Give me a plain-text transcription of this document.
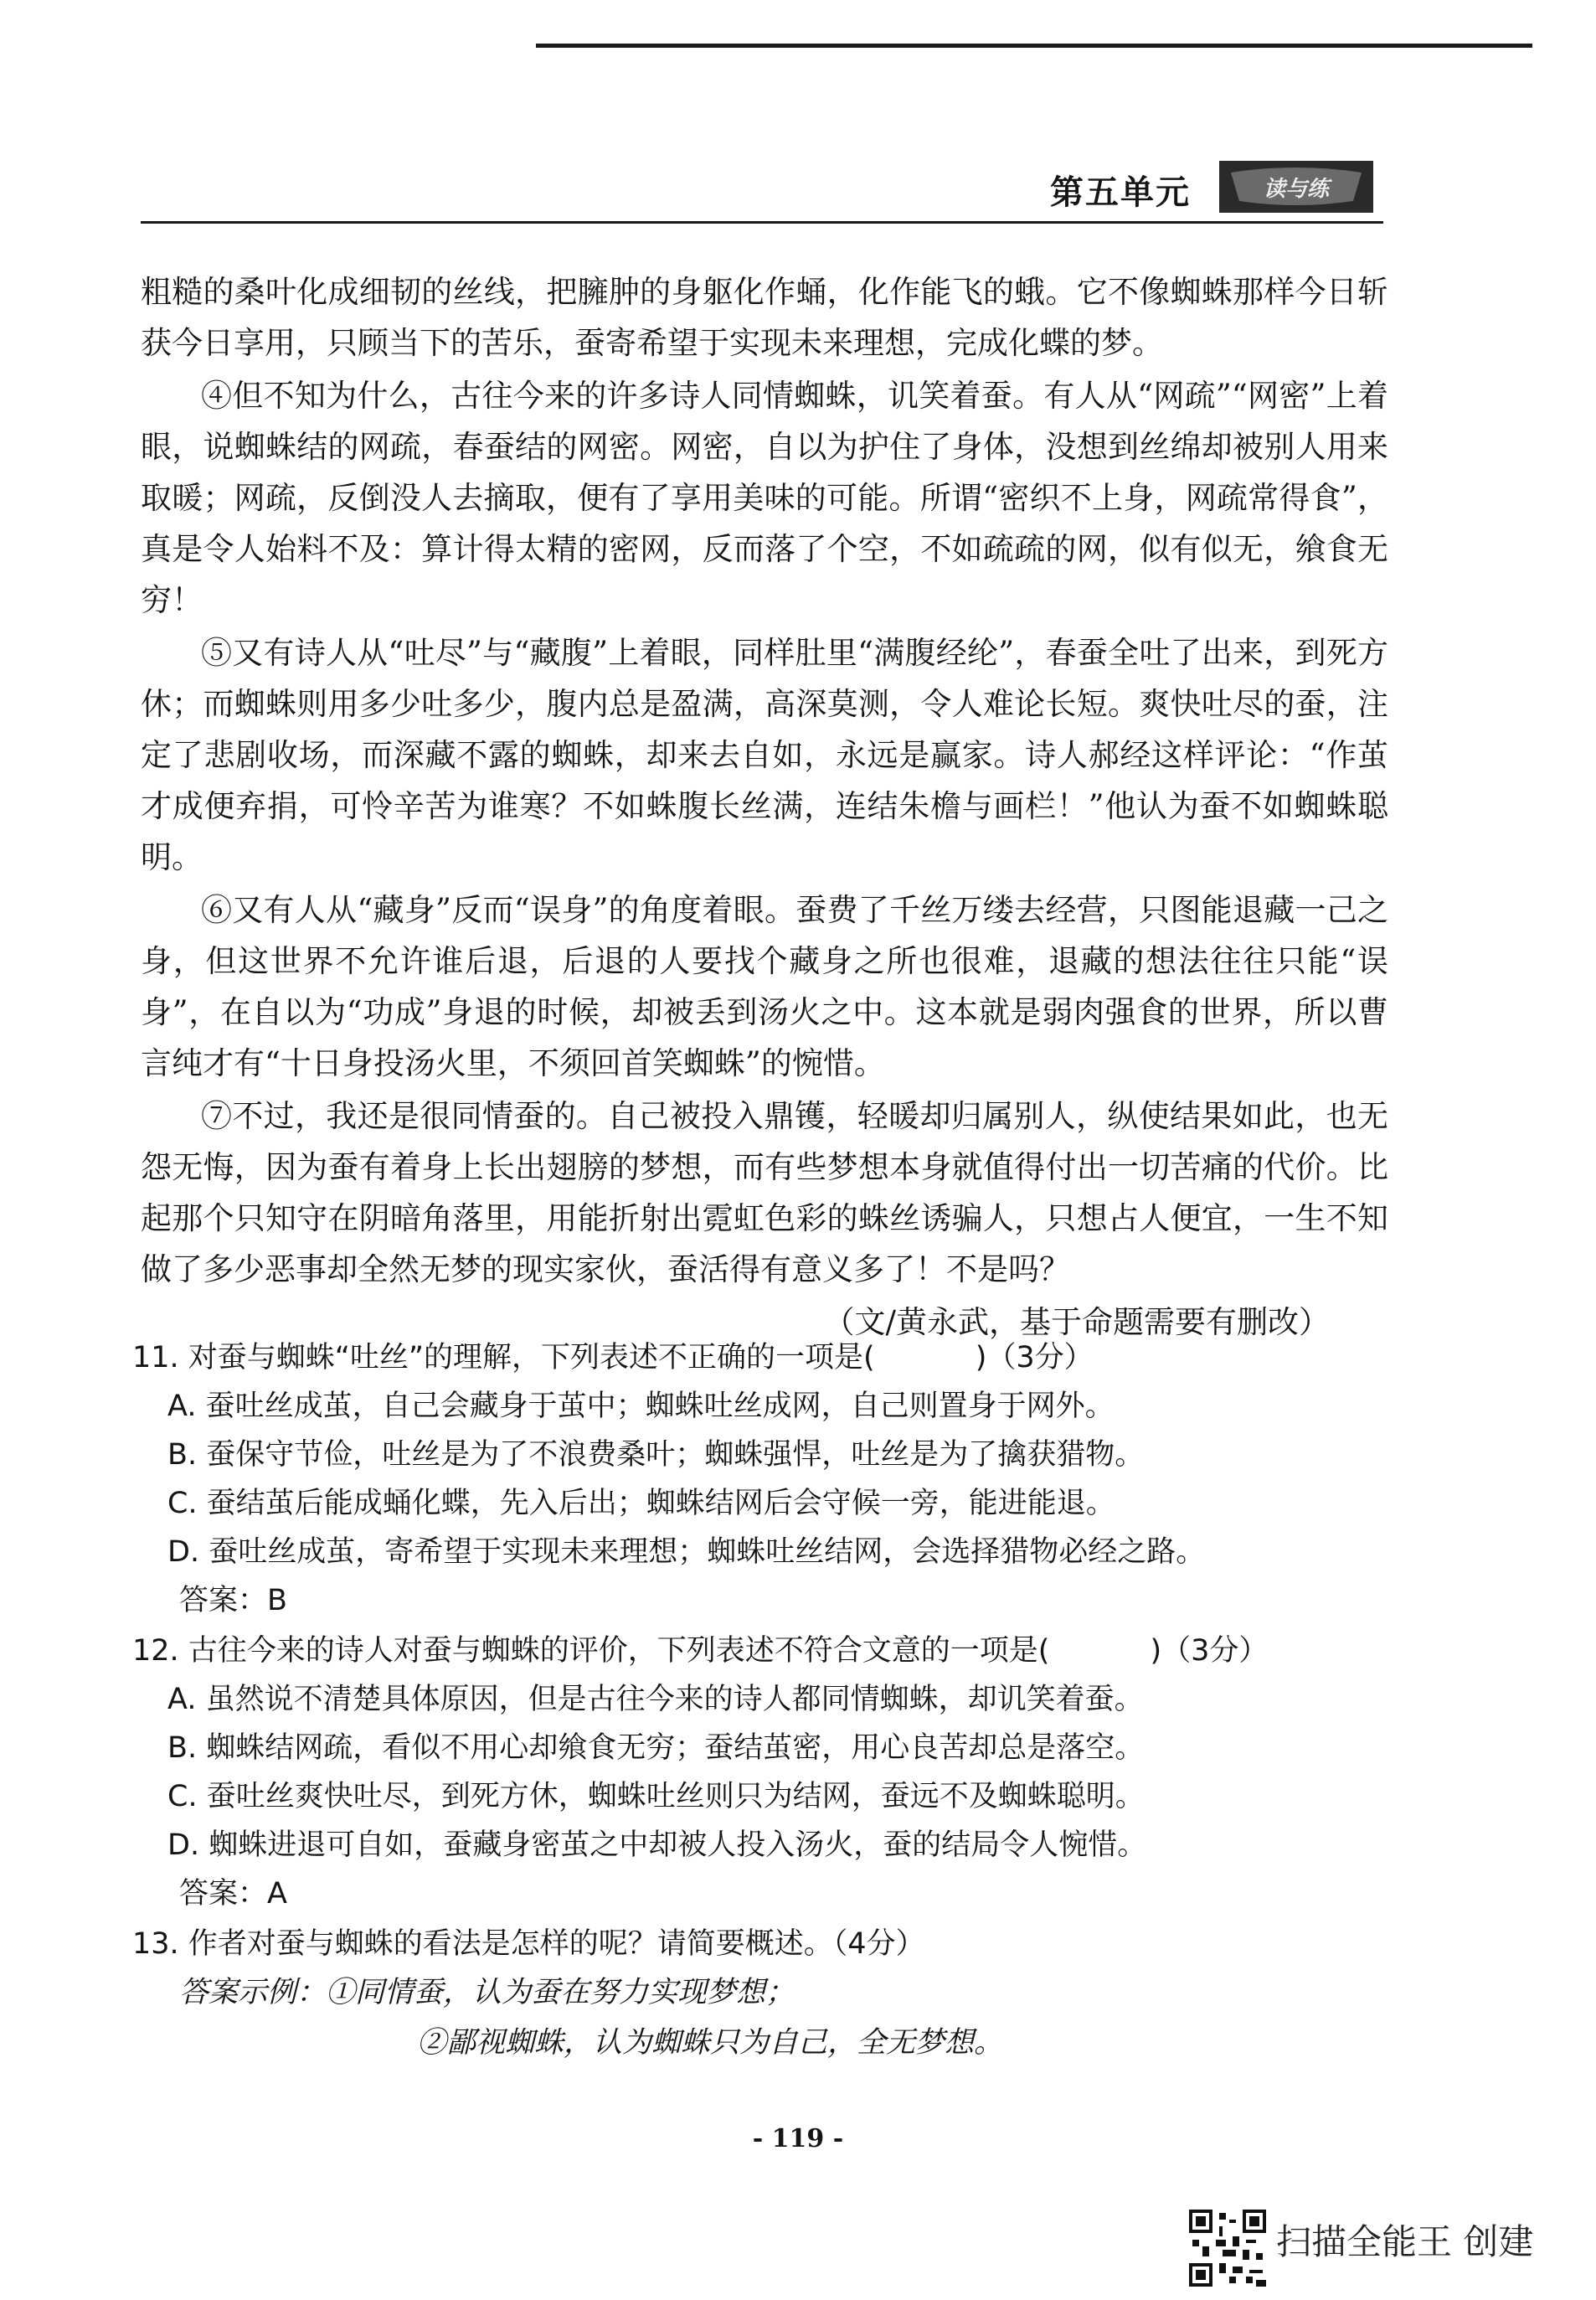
第五单元	读与练

粗糙的桑叶化成细韧的丝线，把臃肿的身躯化作蛹，化作能飞的蛾。它不像蜘蛛那样今日斩获今日享用，只顾当下的苦乐，蚕寄希望于实现未来理想，完成化蝶的梦。

④但不知为什么，古往今来的许多诗人同情蜘蛛，讥笑着蚕。有人从“网疏”“网密”上着眼，说蜘蛛结的网疏，春蚕结的网密。网密，自以为护住了身体，没想到丝绵却被别人用来取暖；网疏，反倒没人去摘取，便有了享用美味的可能。所谓“密织不上身，网疏常得食”，真是令人始料不及：算计得太精的密网，反而落了个空，不如疏疏的网，似有似无，飨食无穷！

⑤又有诗人从“吐尽”与“藏腹”上着眼，同样肚里“满腹经纶”，春蚕全吐了出来，到死方休；而蜘蛛则用多少吐多少，腹内总是盈满，高深莫测，令人难论长短。爽快吐尽的蚕，注定了悲剧收场，而深藏不露的蜘蛛，却来去自如，永远是赢家。诗人郝经这样评论：“作茧才成便弃捐，可怜辛苦为谁寒？不如蛛腹长丝满，连结朱檐与画栏！”他认为蚕不如蜘蛛聪明。

⑥又有人从“藏身”反而“误身”的角度着眼。蚕费了千丝万缕去经营，只图能退藏一己之身，但这世界不允许谁后退，后退的人要找个藏身之所也很难，退藏的想法往往只能“误身”，在自以为“功成”身退的时候，却被丢到汤火之中。这本就是弱肉强食的世界，所以曹言纯才有“十日身投汤火里，不须回首笑蜘蛛”的惋惜。

⑦不过，我还是很同情蚕的。自己被投入鼎镬，轻暖却归属别人，纵使结果如此，也无怨无悔，因为蚕有着身上长出翅膀的梦想，而有些梦想本身就值得付出一切苦痛的代价。比起那个只知守在阴暗角落里，用能折射出霓虹色彩的蛛丝诱骗人，只想占人便宜，一生不知做了多少恶事却全然无梦的现实家伙，蚕活得有意义多了！不是吗？

（文/黄永武，基于命题需要有删改）

11. 对蚕与蜘蛛“吐丝”的理解，下列表述不正确的一项是(	)（3分）

A. 蚕吐丝成茧，自己会藏身于茧中；蜘蛛吐丝成网，自己则置身于网外。

B. 蚕保守节俭，吐丝是为了不浪费桑叶；蜘蛛强悍，吐丝是为了擒获猎物。

C. 蚕结茧后能成蛹化蝶，先入后出；蜘蛛结网后会守候一旁，能进能退。

D. 蚕吐丝成茧，寄希望于实现未来理想；蜘蛛吐丝结网，会选择猎物必经之路。

答案：B

12. 古往今来的诗人对蚕与蜘蛛的评价，下列表述不符合文意的一项是(	)（3分）

A. 虽然说不清楚具体原因，但是古往今来的诗人都同情蜘蛛，却讥笑着蚕。

B. 蜘蛛结网疏，看似不用心却飨食无穷；蚕结茧密，用心良苦却总是落空。

C. 蚕吐丝爽快吐尽，到死方休，蜘蛛吐丝则只为结网，蚕远不及蜘蛛聪明。

D. 蜘蛛进退可自如，蚕藏身密茧之中却被人投入汤火，蚕的结局令人惋惜。

答案：A

13. 作者对蚕与蜘蛛的看法是怎样的呢？请简要概述。（4分）

答案示例：①同情蚕，认为蚕在努力实现梦想；

②鄙视蜘蛛，认为蜘蛛只为自己，全无梦想。

- 119 -
扫描全能王 创建
